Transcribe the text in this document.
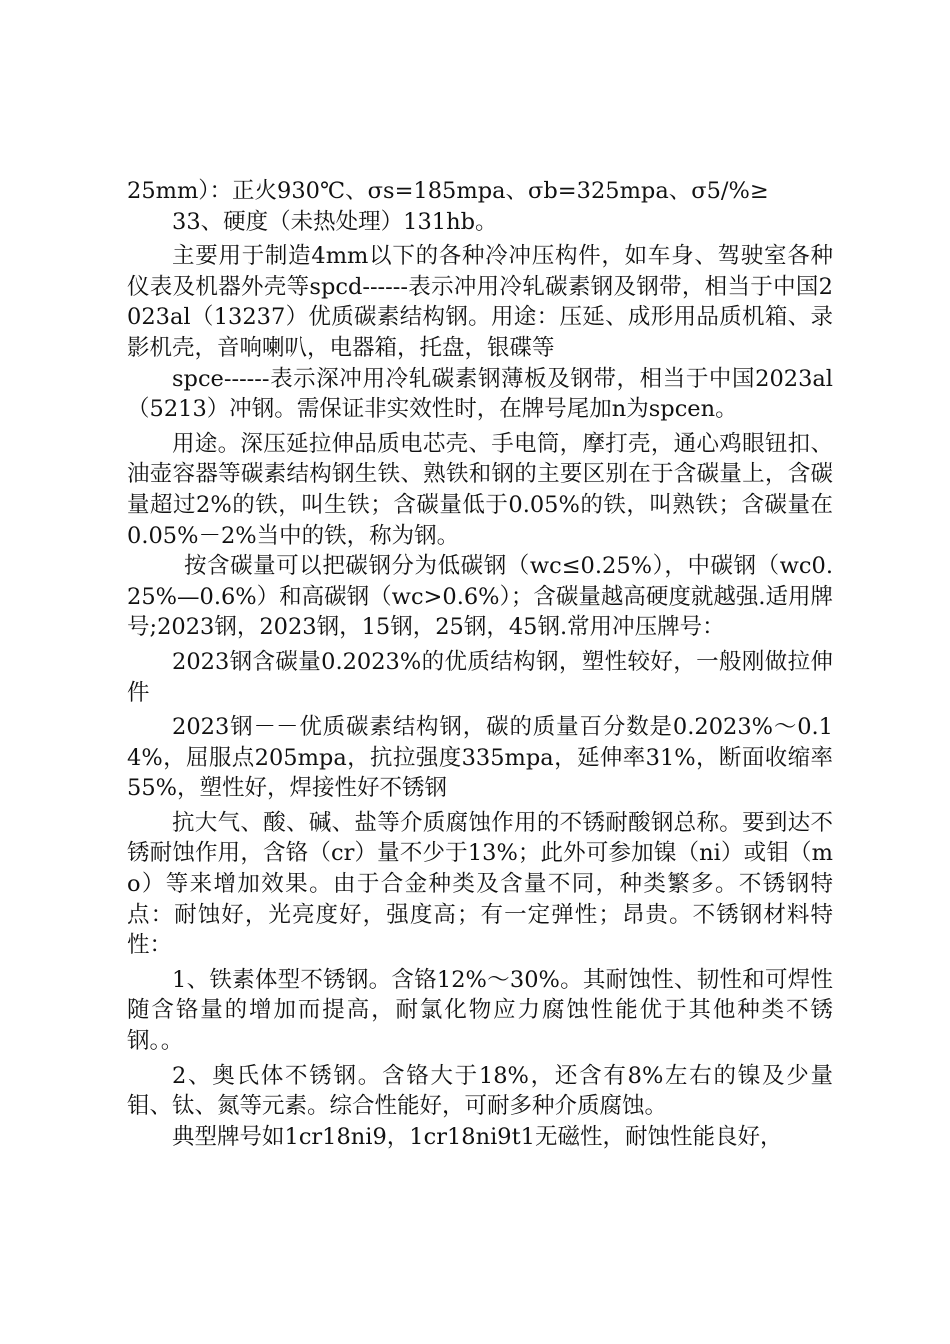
25mm）：正火930℃、σs=185mpa、σb=325mpa、σ5/%≥

33、硬度（未热处理）131hb。

主要用于制造4mm以下的各种冷冲压构件，如车身、驾驶室各种仪表及机器外壳等spcd------表示冲用冷轧碳素钢及钢带，相当于中国2023al（13237）优质碳素结构钢。用途：压延、成形用品质机箱、录影机壳，音响喇叭，电器箱，托盘，银碟等

spce------表示深冲用冷轧碳素钢薄板及钢带，相当于中国2023al（5213）冲钢。需保证非实效性时，在牌号尾加n为spcen。

用途。深压延拉伸品质电芯壳、手电筒，摩打壳，通心鸡眼钮扣、油壶容器等碳素结构钢生铁、熟铁和钢的主要区别在于含碳量上，含碳量超过2%的铁，叫生铁；含碳量低于0.05%的铁，叫熟铁；含碳量在0.05%－2%当中的铁，称为钢。

按含碳量可以把碳钢分为低碳钢（wc≤0.25%），中碳钢（wc0.25%—0.6%）和高碳钢（wc>0.6%）；含碳量越高硬度就越强.适用牌号;2023钢，2023钢，15钢，25钢，45钢.常用冲压牌号：

2023钢含碳量0.2023%的优质结构钢，塑性较好，一般刚做拉伸件

2023钢－－优质碳素结构钢，碳的质量百分数是0.2023%～0.14%，屈服点205mpa，抗拉强度335mpa，延伸率31%，断面收缩率55%，塑性好，焊接性好不锈钢

抗大气、酸、碱、盐等介质腐蚀作用的不锈耐酸钢总称。要到达不锈耐蚀作用，含铬（cr）量不少于13%；此外可参加镍（ni）或钼（mo）等来增加效果。由于合金种类及含量不同，种类繁多。不锈钢特点：耐蚀好，光亮度好，强度高；有一定弹性；昂贵。不锈钢材料特性：

1、铁素体型不锈钢。含铬12%～30%。其耐蚀性、韧性和可焊性随含铬量的增加而提高，耐氯化物应力腐蚀性能优于其他种类不锈钢。。

2、奥氏体不锈钢。含铬大于18%，还含有8%左右的镍及少量钼、钛、氮等元素。综合性能好，可耐多种介质腐蚀。

典型牌号如1cr18ni9，1cr18ni9t1无磁性，耐蚀性能良好，
